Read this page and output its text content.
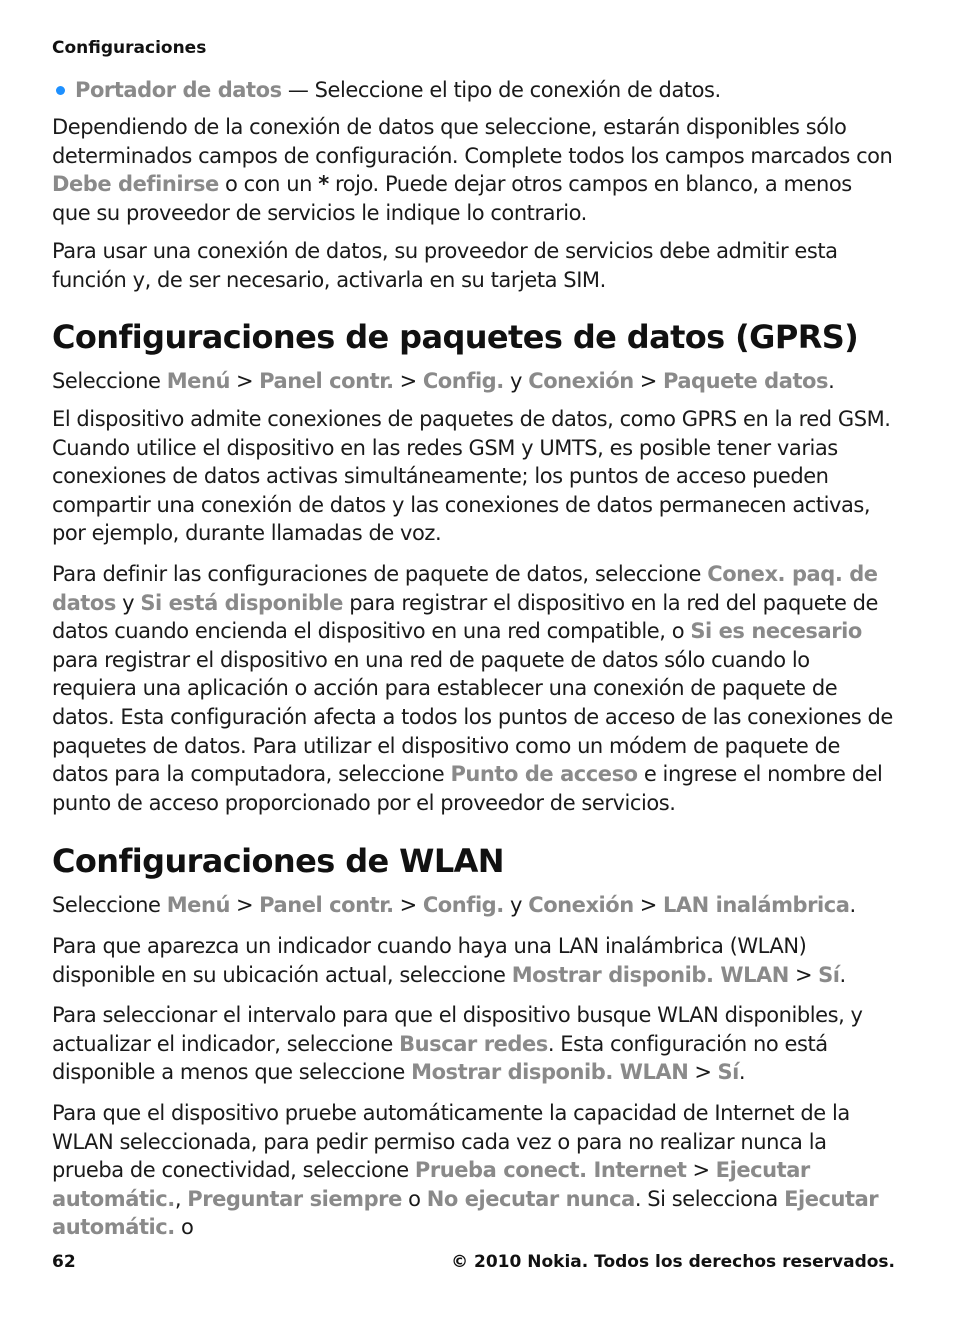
Configuraciones
Portador de datos — Seleccione el tipo de conexión de datos.
Dependiendo de la conexión de datos que seleccione, estarán disponibles sólo determinados campos de configuración. Complete todos los campos marcados con Debe definirse o con un * rojo. Puede dejar otros campos en blanco, a menos que su proveedor de servicios le indique lo contrario.
Para usar una conexión de datos, su proveedor de servicios debe admitir esta función y, de ser necesario, activarla en su tarjeta SIM.
Configuraciones de paquetes de datos (GPRS)
Seleccione Menú > Panel contr. > Config. y Conexión > Paquete datos.
El dispositivo admite conexiones de paquetes de datos, como GPRS en la red GSM. Cuando utilice el dispositivo en las redes GSM y UMTS, es posible tener varias conexiones de datos activas simultáneamente; los puntos de acceso pueden compartir una conexión de datos y las conexiones de datos permanecen activas, por ejemplo, durante llamadas de voz.
Para definir las configuraciones de paquete de datos, seleccione Conex. paq. de datos y Si está disponible para registrar el dispositivo en la red del paquete de datos cuando encienda el dispositivo en una red compatible, o Si es necesario para registrar el dispositivo en una red de paquete de datos sólo cuando lo requiera una aplicación o acción para establecer una conexión de paquete de datos. Esta configuración afecta a todos los puntos de acceso de las conexiones de paquetes de datos. Para utilizar el dispositivo como un módem de paquete de datos para la computadora, seleccione Punto de acceso e ingrese el nombre del punto de acceso proporcionado por el proveedor de servicios.
Configuraciones de WLAN
Seleccione Menú > Panel contr. > Config. y Conexión > LAN inalámbrica.
Para que aparezca un indicador cuando haya una LAN inalámbrica (WLAN) disponible en su ubicación actual, seleccione Mostrar disponib. WLAN > Sí.
Para seleccionar el intervalo para que el dispositivo busque WLAN disponibles, y actualizar el indicador, seleccione Buscar redes. Esta configuración no está disponible a menos que seleccione Mostrar disponib. WLAN > Sí.
Para que el dispositivo pruebe automáticamente la capacidad de Internet de la WLAN seleccionada, para pedir permiso cada vez o para no realizar nunca la prueba de conectividad, seleccione Prueba conect. Internet > Ejecutar automátic., Preguntar siempre o No ejecutar nunca. Si selecciona Ejecutar automátic. o
62	© 2010 Nokia. Todos los derechos reservados.
